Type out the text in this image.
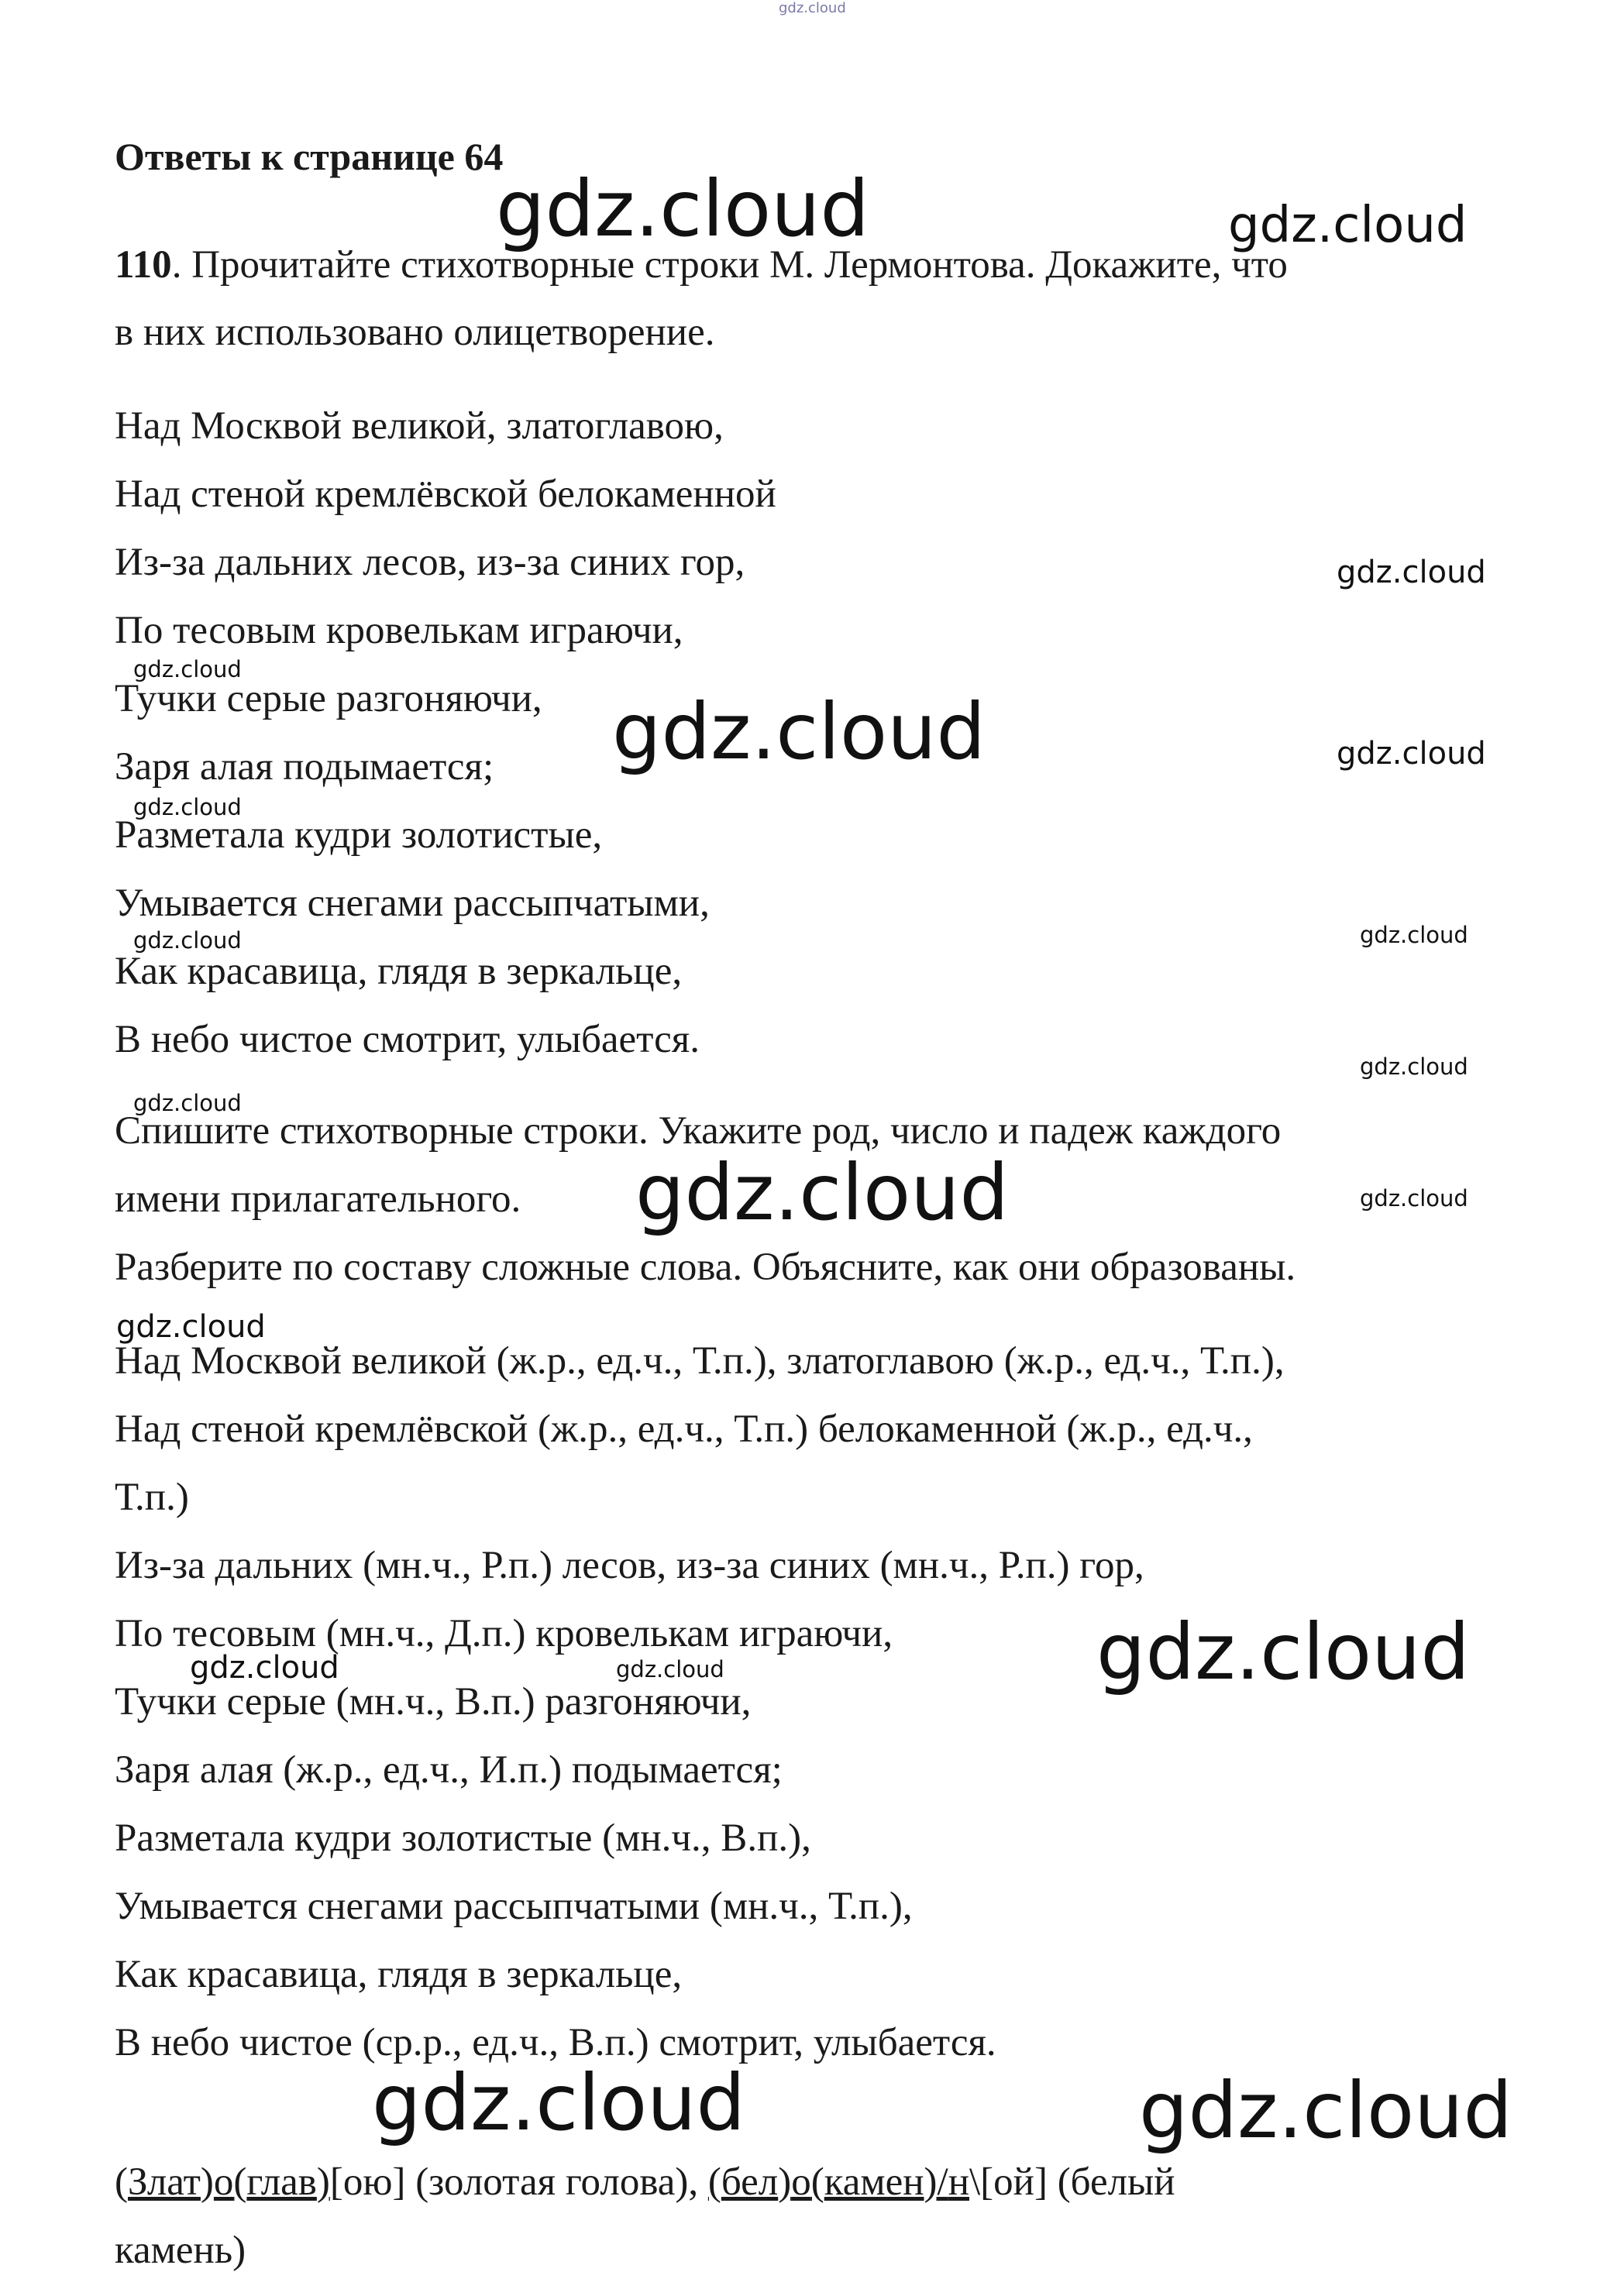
gdz.cloud
gdz.cloud	gdz.cloud
gdz.cloud
gdz.cloud
gdz.cloud	gdz.cloud
gdz.cloud
gdz.cloud	gdz.cloud
gdz.cloud
gdz.cloud
gdz.cloud	gdz.cloud
gdz.cloud
gdz.cloud
gdz.cloud	gdz.cloud
gdz.cloud	gdz.cloud
Ответы к странице 64
110. Прочитайте стихотворные строки М. Лермонтова. Докажите, что
в них использовано олицетворение.
Над Москвой великой, златоглавою,
Над стеной кремлёвской белокаменной
Из-за дальних лесов, из-за синих гор,
По тесовым кровелькам играючи,
Тучки серые разгоняючи,
Заря алая подымается;
Разметала кудри золотистые,
Умывается снегами рассыпчатыми,
Как красавица, глядя в зеркальце,
В небо чистое смотрит, улыбается.
Спишите стихотворные строки. Укажите род, число и падеж каждого
имени прилагательного.
Разберите по составу сложные слова. Объясните, как они образованы.
Над Москвой великой (ж.р., ед.ч., Т.п.), златоглавою (ж.р., ед.ч., Т.п.),
Над стеной кремлёвской (ж.р., ед.ч., Т.п.) белокаменной (ж.р., ед.ч.,
Т.п.)
Из-за дальних (мн.ч., Р.п.) лесов, из-за синих (мн.ч., Р.п.) гор,
По тесовым (мн.ч., Д.п.) кровелькам играючи,
Тучки серые (мн.ч., В.п.) разгоняючи,
Заря алая (ж.р., ед.ч., И.п.) подымается;
Разметала кудри золотистые (мн.ч., В.п.),
Умывается снегами рассыпчатыми (мн.ч., Т.п.),
Как красавица, глядя в зеркальце,
В небо чистое (ср.р., ед.ч., В.п.) смотрит, улыбается.
(Злат)о(глав)[ою] (золотая голова), (бел)о(камен)/н\[ой] (белый
камень)
